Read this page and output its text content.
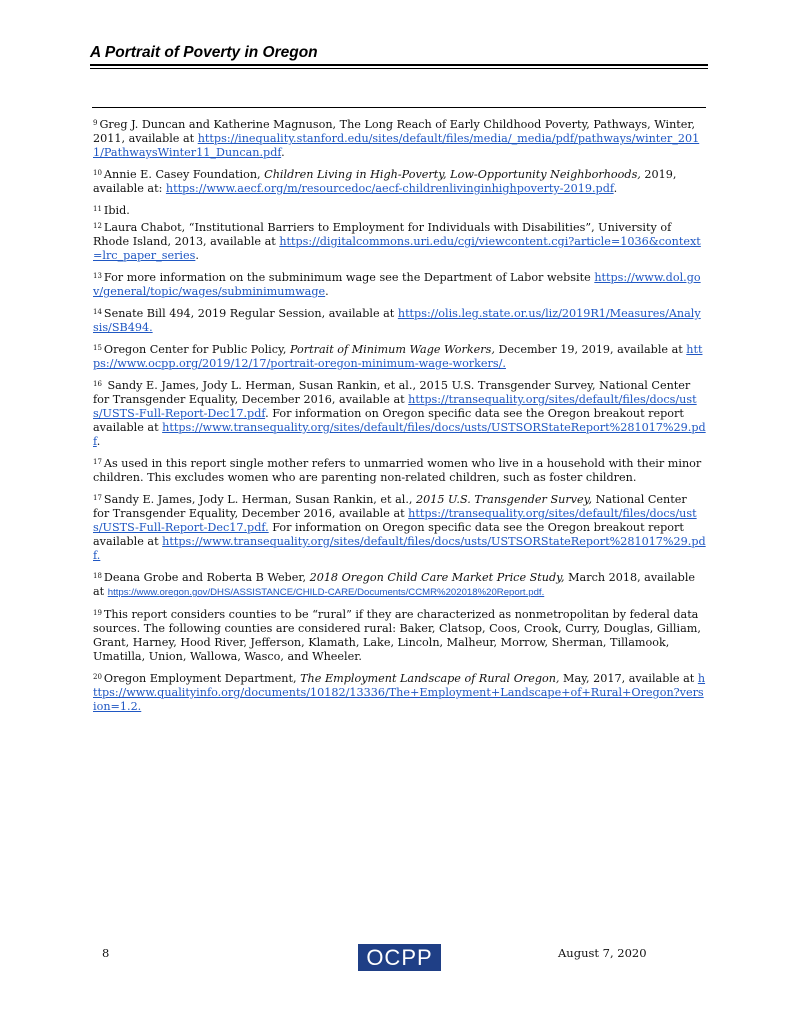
A Portrait of Poverty in Oregon

$^9$ Greg J. Duncan and Katherine Magnuson, The Long Reach of Early Childhood Poverty, Pathways, Winter, 2011, available at https://inequality.stanford.edu/sites/default/files/media/_media/pdf/pathways/winter_2011/PathwaysWinter11_Duncan.pdf.

$^{10}$ Annie E. Casey Foundation, Children Living in High-Poverty, Low-Opportunity Neighborhoods, 2019, available at: https://www.aecf.org/m/resourcedoc/aecf-childrenlivinginhighpoverty-2019.pdf.

$^{11}$ Ibid.

$^{12}$ Laura Chabot, “Institutional Barriers to Employment for Individuals with Disabilities”, University of Rhode Island, 2013, available at https://digitalcommons.uri.edu/cgi/viewcontent.cgi?article=1036&context=lrc_paper_series.

$^{13}$ For more information on the subminimum wage see the Department of Labor website https://www.dol.gov/general/topic/wages/subminimumwage.

$^{14}$ Senate Bill 494, 2019 Regular Session, available at https://olis.leg.state.or.us/liz/2019R1/Measures/Analysis/SB494.

$^{15}$ Oregon Center for Public Policy, Portrait of Minimum Wage Workers, December 19, 2019, available at https://www.ocpp.org/2019/12/17/portrait-oregon-minimum-wage-workers/.

$^{16}$ Sandy E. James, Jody L. Herman, Susan Rankin, et al., 2015 U.S. Transgender Survey, National Center for Transgender Equality, December 2016, available at https://transequality.org/sites/default/files/docs/usts/USTS-Full-Report-Dec17.pdf. For information on Oregon specific data see the Oregon breakout report available at https://www.transequality.org/sites/default/files/docs/usts/USTSORStateReport%281017%29.pdf.

$^{17}$ As used in this report single mother refers to unmarried women who live in a household with their minor children. This excludes women who are parenting non-related children, such as foster children.

$^{17}$ Sandy E. James, Jody L. Herman, Susan Rankin, et al., 2015 U.S. Transgender Survey, National Center for Transgender Equality, December 2016, available at https://transequality.org/sites/default/files/docs/usts/USTS-Full-Report-Dec17.pdf. For information on Oregon specific data see the Oregon breakout report available at https://www.transequality.org/sites/default/files/docs/usts/USTSORStateReport%281017%29.pdf.

$^{18}$ Deana Grobe and Roberta B Weber, 2018 Oregon Child Care Market Price Study, March 2018, available at https://www.oregon.gov/DHS/ASSISTANCE/CHILD-CARE/Documents/CCMR%202018%20Report.pdf.

$^{19}$ This report considers counties to be “rural” if they are characterized as nonmetropolitan by federal data sources. The following counties are considered rural: Baker, Clatsop, Coos, Crook, Curry, Douglas, Gilliam, Grant, Harney, Hood River, Jefferson, Klamath, Lake, Lincoln, Malheur, Morrow, Sherman, Tillamook, Umatilla, Union, Wallowa, Wasco, and Wheeler.

$^{20}$ Oregon Employment Department, The Employment Landscape of Rural Oregon, May, 2017, available at https://www.qualityinfo.org/documents/10182/13336/The+Employment+Landscape+of+Rural+Oregon?version=1.2.

8	OCPP	August 7, 2020
